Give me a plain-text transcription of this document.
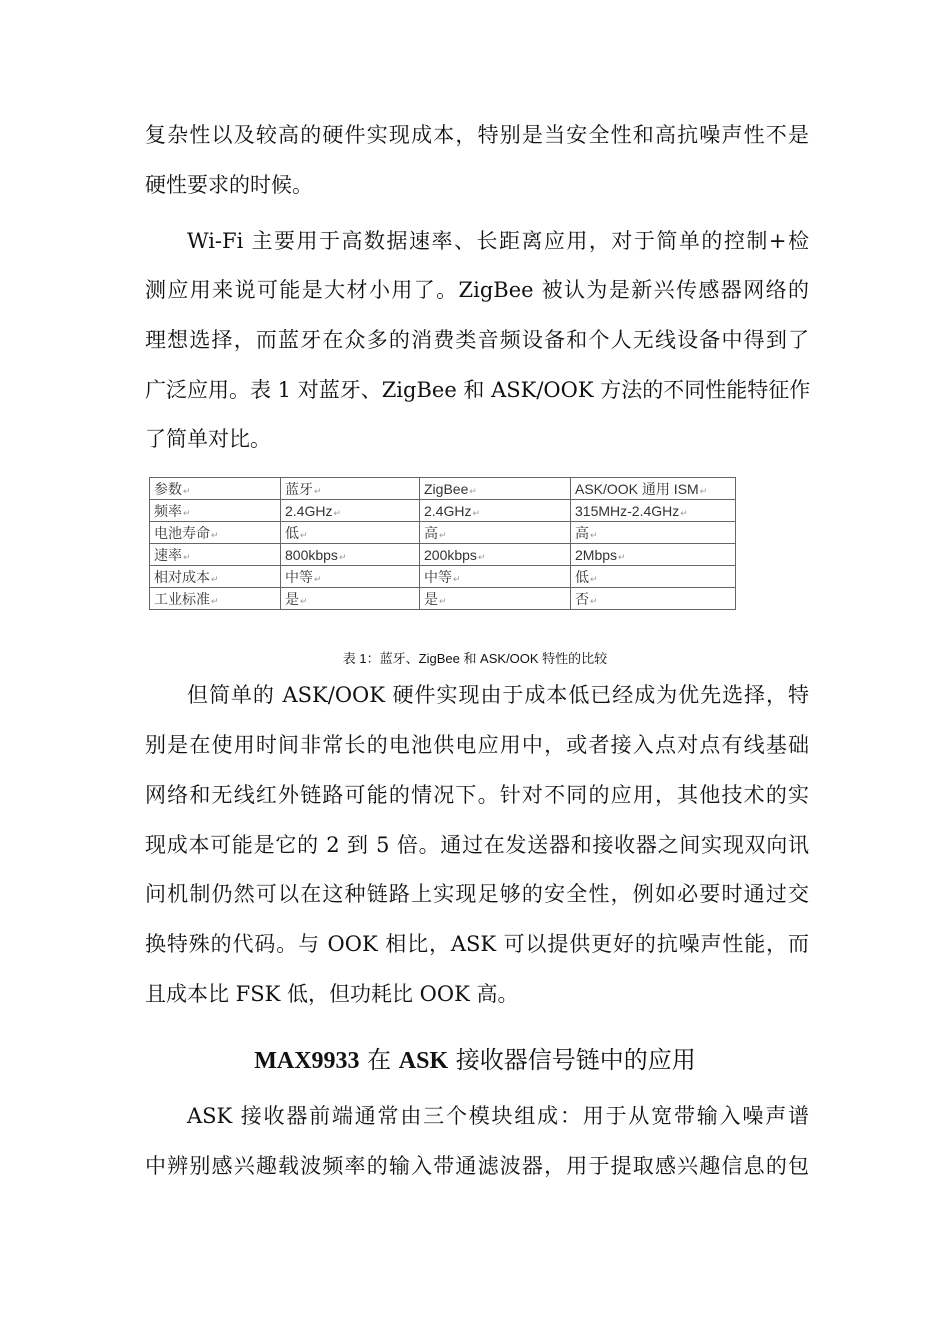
复杂性以及较高的硬件实现成本，特别是当安全性和高抗噪声性不是
硬性要求的时候。
Wi-Fi 主要用于高数据速率、长距离应用，对于简单的控制+检
测应用来说可能是大材小用了。ZigBee 被认为是新兴传感器网络的
理想选择，而蓝牙在众多的消费类音频设备和个人无线设备中得到了
广泛应用。表 1 对蓝牙、ZigBee 和 ASK/OOK 方法的不同性能特征作
了简单对比。
参数↵	蓝牙↵	ZigBee↵	ASK/OOK 通用 ISM↵
频率↵	2.4GHz↵	2.4GHz↵	315MHz-2.4GHz↵
电池寿命↵	低↵	高↵	高↵
速率↵	800kbps↵	200kbps↵	2Mbps↵
相对成本↵	中等↵	中等↵	低↵
工业标准↵	是↵	是↵	否↵
表 1：蓝牙、ZigBee 和 ASK/OOK 特性的比较
但简单的 ASK/OOK 硬件实现由于成本低已经成为优先选择，特
别是在使用时间非常长的电池供电应用中，或者接入点对点有线基础
网络和无线红外链路可能的情况下。针对不同的应用，其他技术的实
现成本可能是它的 2 到 5 倍。通过在发送器和接收器之间实现双向讯
问机制仍然可以在这种链路上实现足够的安全性，例如必要时通过交
换特殊的代码。与 OOK 相比，ASK 可以提供更好的抗噪声性能，而
且成本比 FSK 低，但功耗比 OOK 高。
MAX9933 在 ASK 接收器信号链中的应用
ASK 接收器前端通常由三个模块组成：用于从宽带输入噪声谱
中辨别感兴趣载波频率的输入带通滤波器，用于提取感兴趣信息的包
